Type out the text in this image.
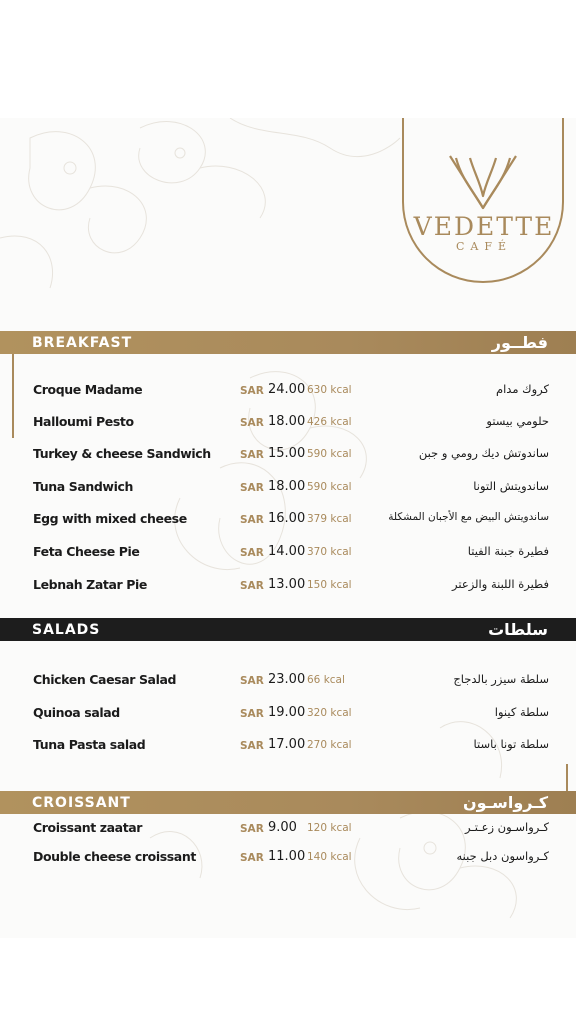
VEDETTE
CAFÉ
BREAKFAST	فطــور
Croque Madame	SAR 24.00 630 kcal	كروك مدام
Halloumi Pesto	SAR 18.00 426 kcal	حلومي بيستو
Turkey & cheese Sandwich	SAR 15.00 590 kcal	ساندوتش ديك رومي و جبن
Tuna Sandwich	SAR 18.00 590 kcal	ساندويتش التونا
Egg with mixed cheese	SAR 16.00 379 kcal	ساندويتش البيض مع الأجبان المشكلة
Feta Cheese Pie	SAR 14.00 370 kcal	فطيرة جبنة الفيتا
Lebnah Zatar Pie	SAR 13.00 150 kcal	فطيرة اللبنة والزعتر
SALADS	سلطات
Chicken Caesar Salad	SAR 23.00 66 kcal	سلطة سيزر بالدجاج
Quinoa salad	SAR 19.00 320 kcal	سلطة كينوا
Tuna Pasta salad	SAR 17.00 270 kcal	سلطة تونا باستا
CROISSANT	كـرواسـون
Croissant zaatar	SAR 9.00 120 kcal	كـرواسـون زعـتـر
Double cheese croissant	SAR 11.00 140 kcal	كـرواسون دبل جبنه
